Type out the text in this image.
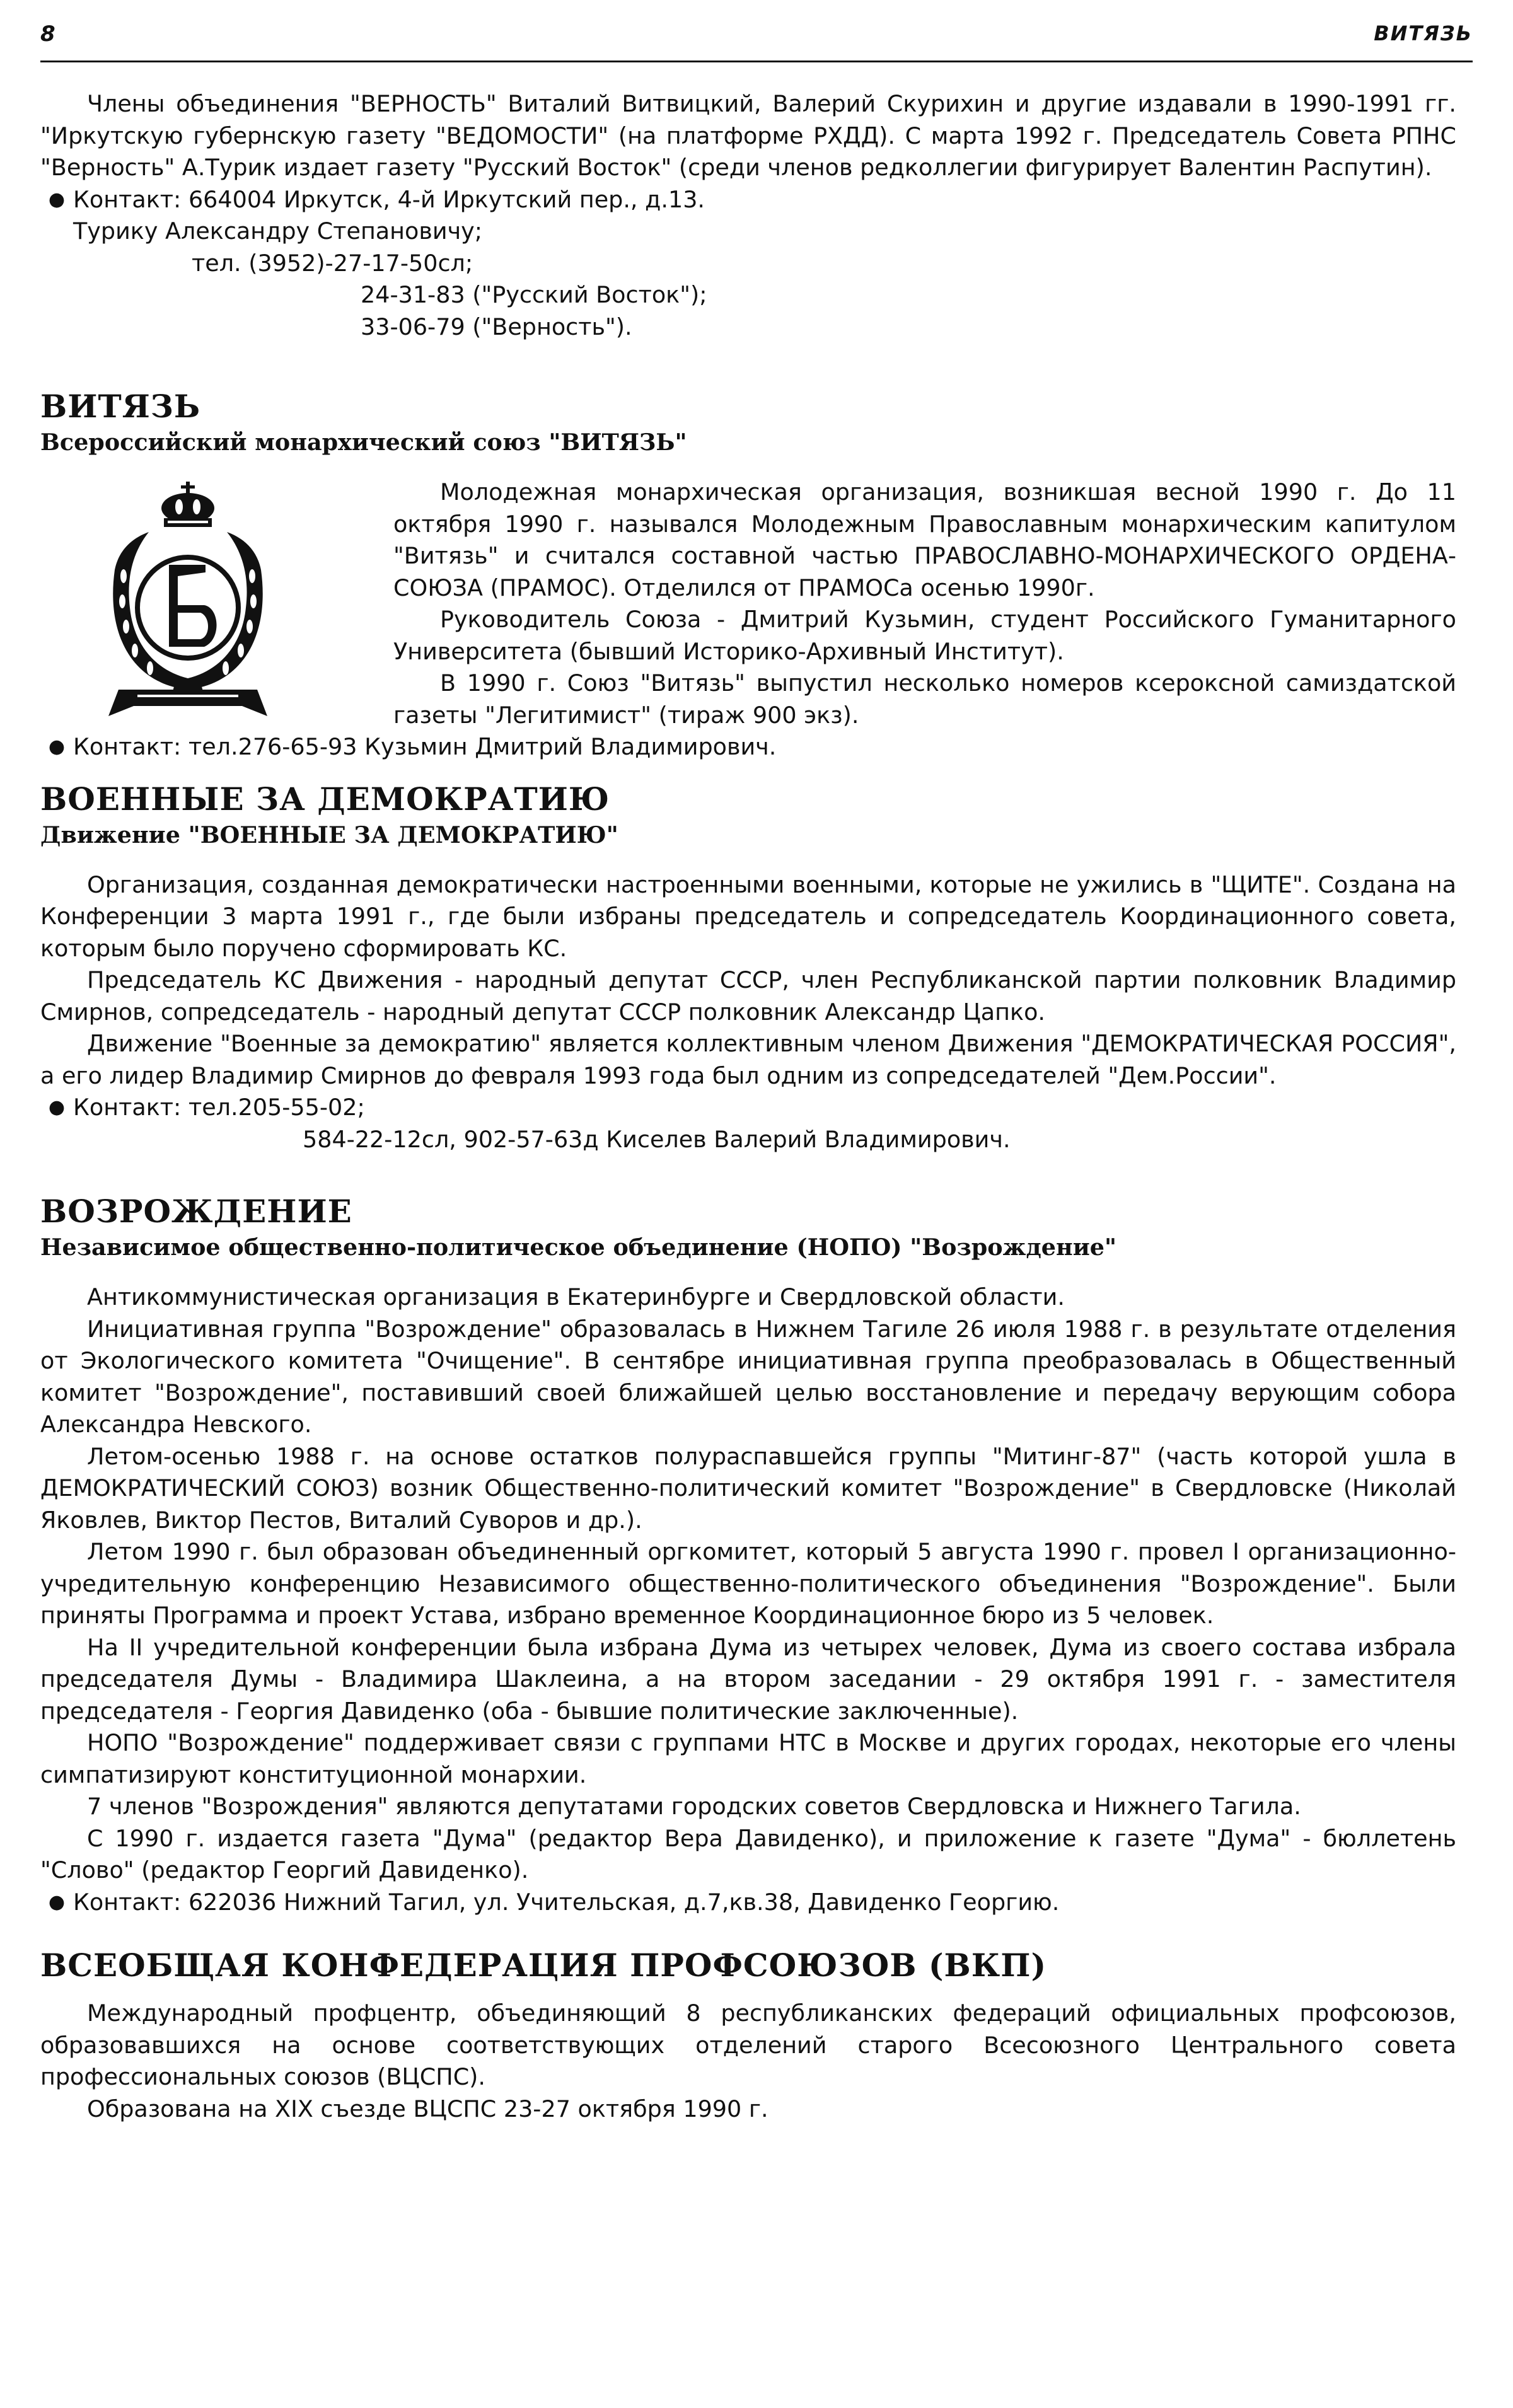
8	ВИТЯЗЬ

Члены объединения "ВЕРНОСТЬ" Виталий Витвицкий, Валерий Скурихин и другие издавали в 1990-1991 гг. "Иркутскую губернскую газету "ВЕДОМОСТИ" (на платформе РХДД). С марта 1992 г. Председатель Совета РПНС "Верность" А.Турик издает газету "Русский Восток" (среди членов редколлегии фигурирует Валентин Распутин).

● Контакт: 664004 Иркутск, 4-й Иркутский пер., д.13.
Турику Александру Степановичу;
тел. (3952)-27-17-50сл;
24-31-83 ("Русский Восток");
33-06-79 ("Верность").
ВИТЯЗЬ
Всероссийский монархический союз "ВИТЯЗЬ"

Молодежная монархическая организация, возникшая весной 1990 г. До 11 октября 1990 г. назывался Молодежным Православным монархическим капитулом "Витязь" и считался составной частью ПРАВОСЛАВНО-МОНАРХИЧЕСКОГО ОРДЕНА-СОЮЗА (ПРАМОС). Отделился от ПРАМОСа осенью 1990г.

Руководитель Союза - Дмитрий Кузьмин, студент Российского Гуманитарного Университета (бывший Историко-Архивный Институт).

В 1990 г. Союз "Витязь" выпустил несколько номеров ксероксной самиздатской газеты "Легитимист" (тираж 900 экз).

● Контакт: тел.276-65-93 Кузьмин Дмитрий Владимирович.
ВОЕННЫЕ ЗА ДЕМОКРАТИЮ
Движение "ВОЕННЫЕ ЗА ДЕМОКРАТИЮ"

Организация, созданная демократически настроенными военными, которые не ужились в "ЩИТЕ". Создана на Конференции 3 марта 1991 г., где были избраны председатель и сопредседатель Координационного совета, которым было поручено сформировать КС.

Председатель КС Движения - народный депутат СССР, член Республиканской партии полковник Владимир Смирнов, сопредседатель - народный депутат СССР полковник Александр Цапко.

Движение "Военные за демократию" является коллективным членом Движения "ДЕМОКРАТИЧЕСКАЯ РОССИЯ", а его лидер Владимир Смирнов до февраля 1993 года был одним из сопредседателей "Дем.России".

● Контакт: тел.205-55-02;
584-22-12сл, 902-57-63д Киселев Валерий Владимирович.
ВОЗРОЖДЕНИЕ
Независимое общественно-политическое объединение (НОПО) "Возрождение"

Антикоммунистическая организация в Екатеринбурге и Свердловской области.

Инициативная группа "Возрождение" образовалась в Нижнем Тагиле 26 июля 1988 г. в результате отделения от Экологического комитета "Очищение". В сентябре инициативная группа преобразовалась в Общественный комитет "Возрождение", поставивший своей ближайшей целью восстановление и передачу верующим собора Александра Невского.

Летом-осенью 1988 г. на основе остатков полураспавшейся группы "Митинг-87" (часть которой ушла в ДЕМОКРАТИЧЕСКИЙ СОЮЗ) возник Общественно-политический комитет "Возрождение" в Свердловске (Николай Яковлев, Виктор Пестов, Виталий Суворов и др.).

Летом 1990 г. был образован объединенный оргкомитет, который 5 августа 1990 г. провел I организационно-учредительную конференцию Независимого общественно-политического объединения "Возрождение". Были приняты Программа и проект Устава, избрано временное Координационное бюро из 5 человек.

На II учредительной конференции была избрана Дума из четырех человек, Дума из своего состава избрала председателя Думы - Владимира Шаклеина, а на втором заседании - 29 октября 1991 г. - заместителя председателя - Георгия Давиденко (оба - бывшие политические заключенные).

НОПО "Возрождение" поддерживает связи с группами НТС в Москве и других городах, некоторые его члены симпатизируют конституционной монархии.

7 членов "Возрождения" являются депутатами городских советов Свердловска и Нижнего Тагила.

С 1990 г. издается газета "Дума" (редактор Вера Давиденко), и приложение к газете "Дума" - бюллетень "Слово" (редактор Георгий Давиденко).

● Контакт: 622036 Нижний Тагил, ул. Учительская, д.7,кв.38, Давиденко Георгию.
ВСЕОБЩАЯ КОНФЕДЕРАЦИЯ ПРОФСОЮЗОВ (ВКП)

Международный профцентр, объединяющий 8 республиканских федераций официальных профсоюзов, образовавшихся на основе соответствующих отделений старого Всесоюзного Центрального совета профессиональных союзов (ВЦСПС).

Образована на XIX съезде ВЦСПС 23-27 октября 1990 г.
